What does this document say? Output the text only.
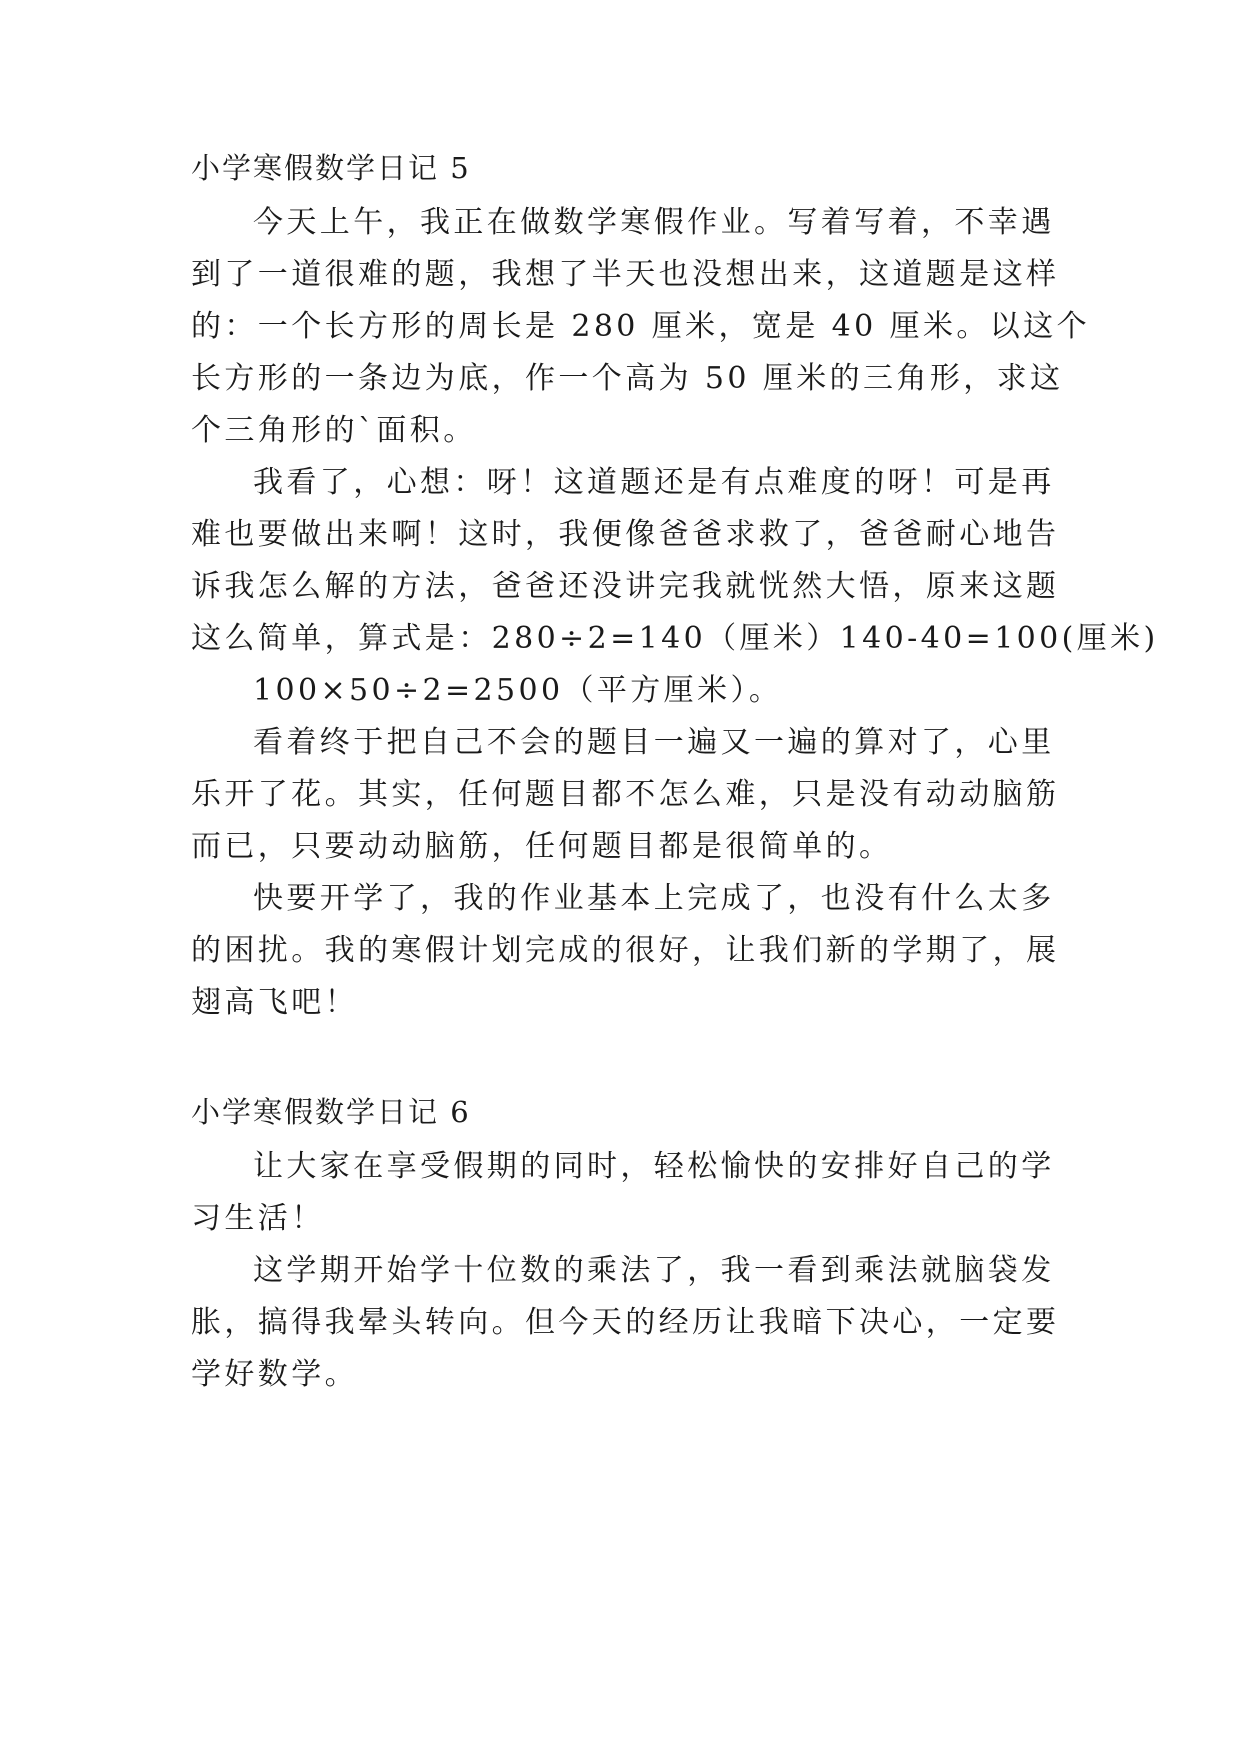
小学寒假数学日记 5
今天上午，我正在做数学寒假作业。写着写着，不幸遇
到了一道很难的题，我想了半天也没想出来，这道题是这样
的：一个长方形的周长是 280 厘米，宽是 40 厘米。以这个
长方形的一条边为底，作一个高为 50 厘米的三角形，求这
个三角形的`面积。
我看了，心想：呀！这道题还是有点难度的呀！可是再
难也要做出来啊！这时，我便像爸爸求救了，爸爸耐心地告
诉我怎么解的方法，爸爸还没讲完我就恍然大悟，原来这题
这么简单，算式是：280÷2=140（厘米）140-40=100(厘米)
100×50÷2=2500（平方厘米）。
看着终于把自己不会的题目一遍又一遍的算对了，心里
乐开了花。其实，任何题目都不怎么难，只是没有动动脑筋
而已，只要动动脑筋，任何题目都是很简单的。
快要开学了，我的作业基本上完成了，也没有什么太多
的困扰。我的寒假计划完成的很好，让我们新的学期了，展
翅高飞吧！
小学寒假数学日记 6
让大家在享受假期的同时，轻松愉快的安排好自己的学
习生活！
这学期开始学十位数的乘法了，我一看到乘法就脑袋发
胀，搞得我晕头转向。但今天的经历让我暗下决心，一定要
学好数学。
